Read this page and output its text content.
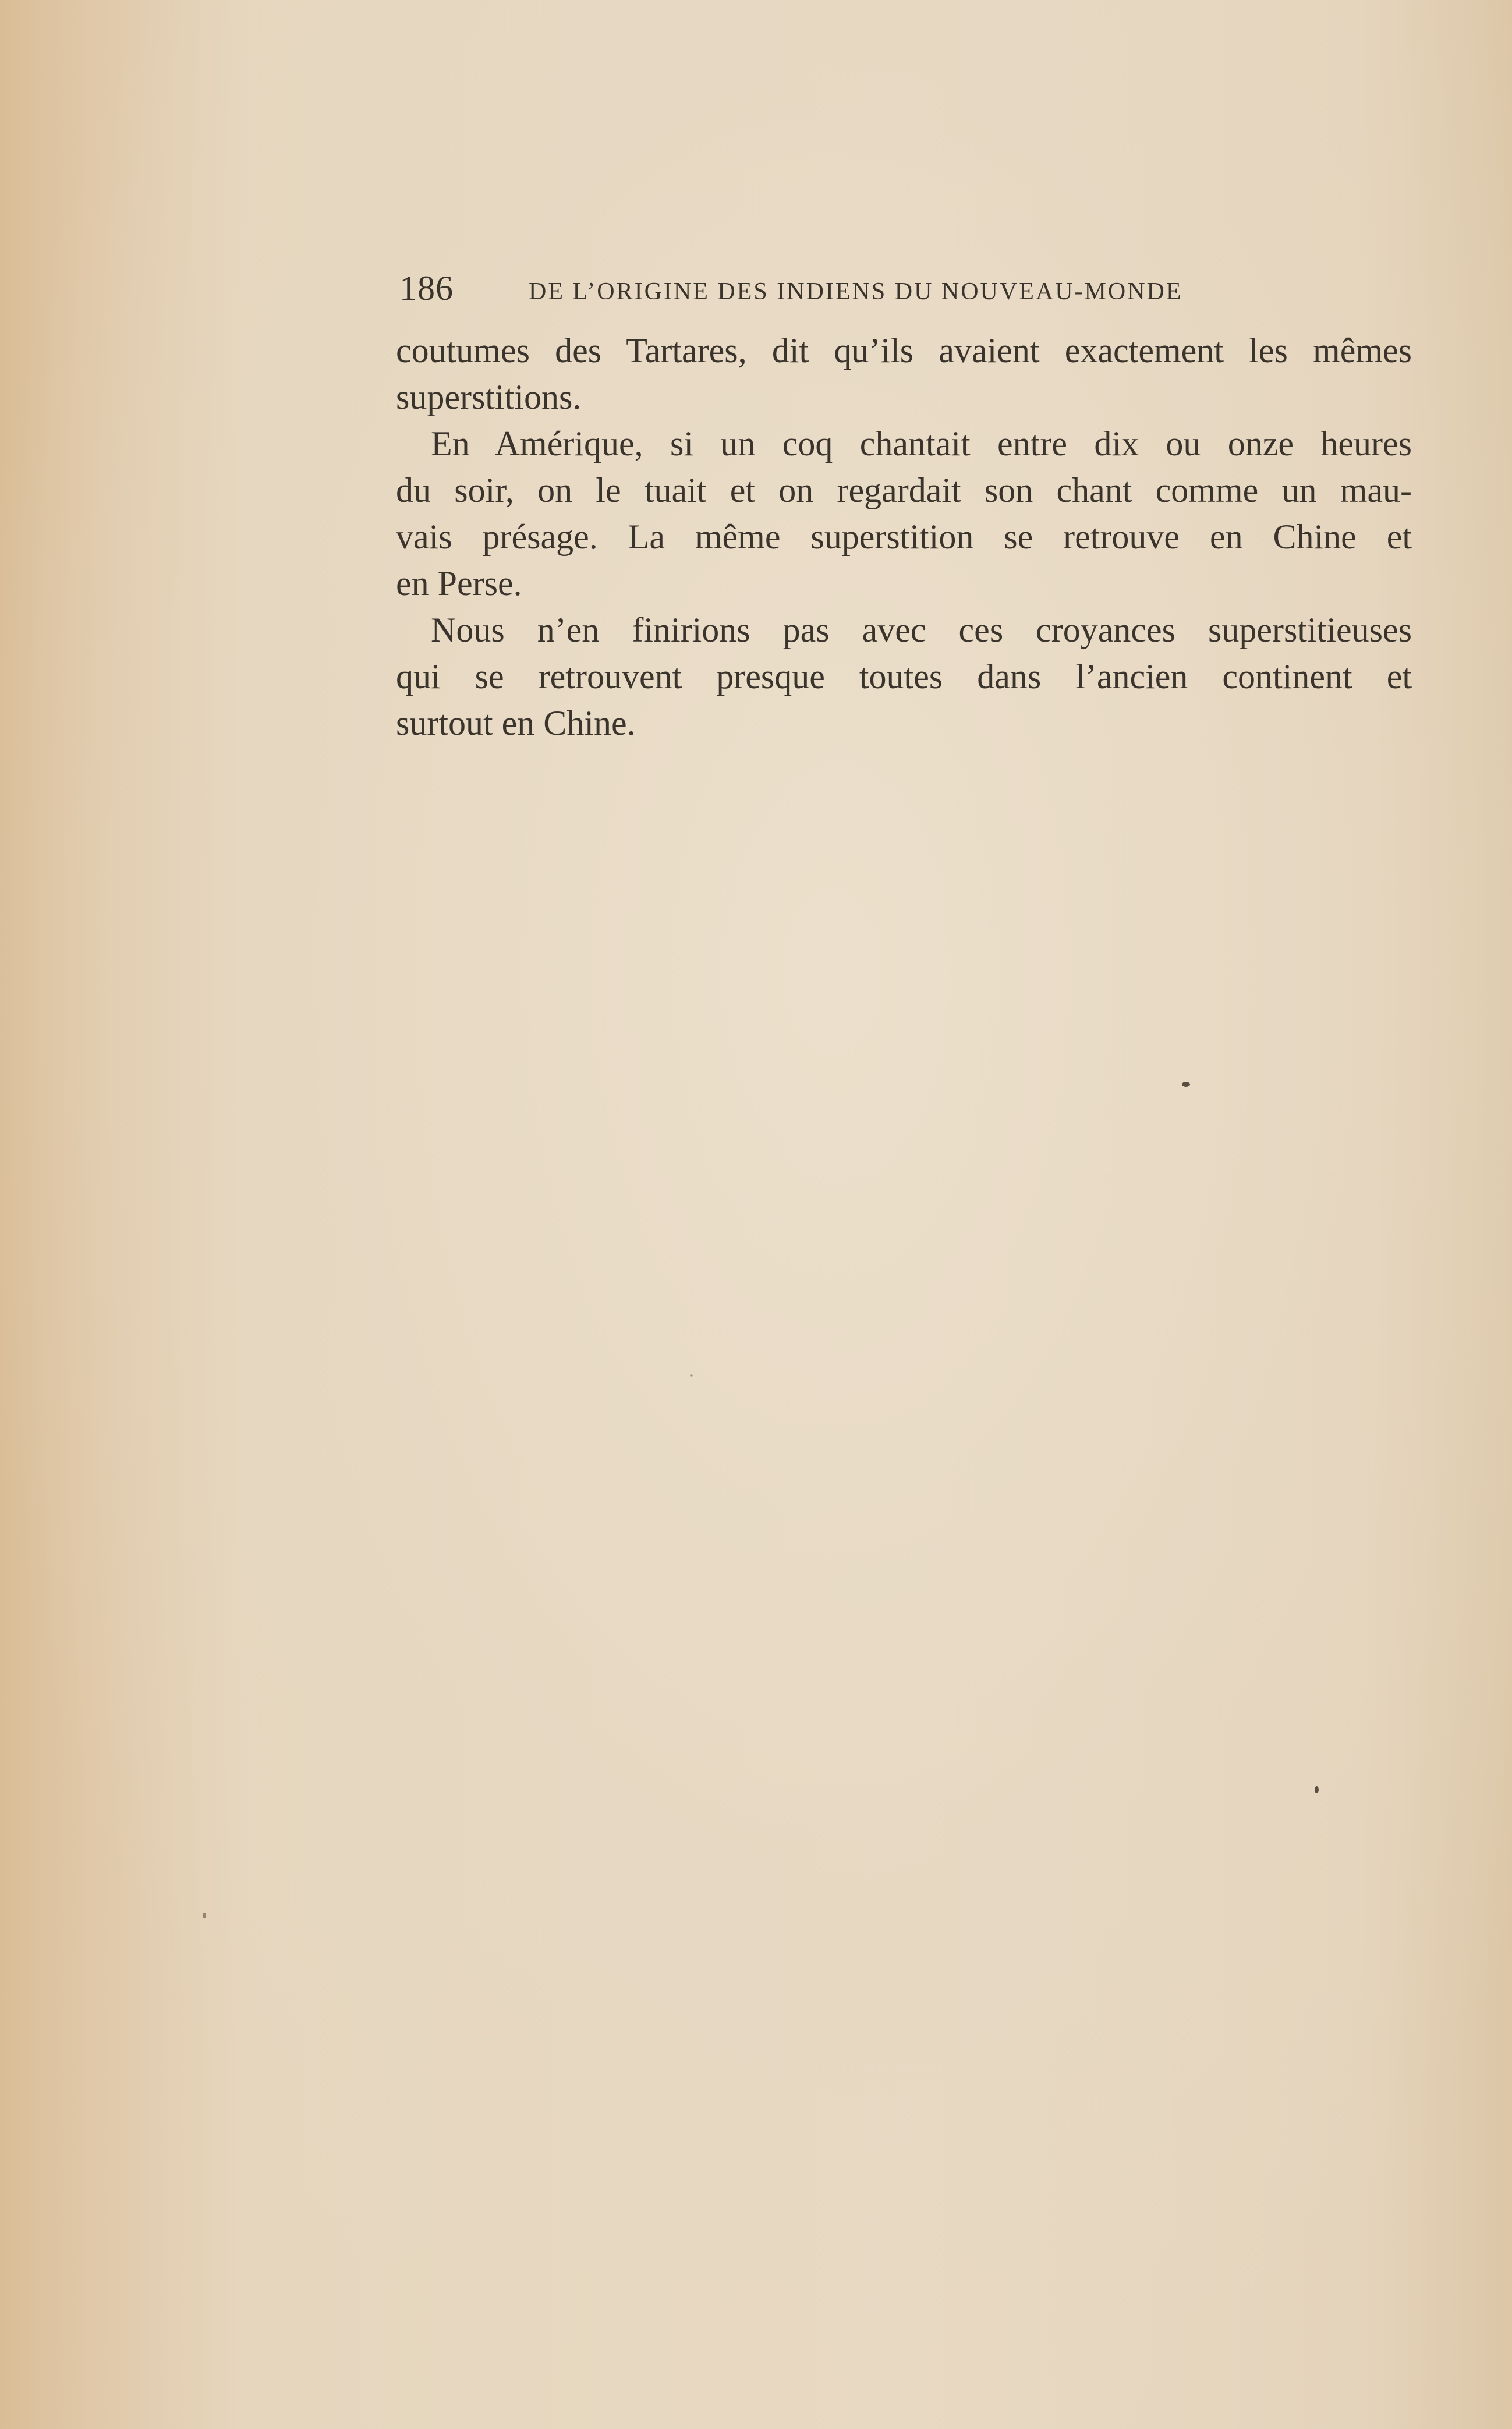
186	DE L’ORIGINE DES INDIENS DU NOUVEAU-MONDE
coutumes des Tartares, dit qu’ils avaient exactement les mêmes
superstitions.
En Amérique, si un coq chantait entre dix ou onze heures
du soir, on le tuait et on regardait son chant comme un mau-
vais présage. La même superstition se retrouve en Chine et
en Perse.
Nous n’en finirions pas avec ces croyances superstitieuses
qui se retrouvent presque toutes dans l’ancien continent et
surtout en Chine.
